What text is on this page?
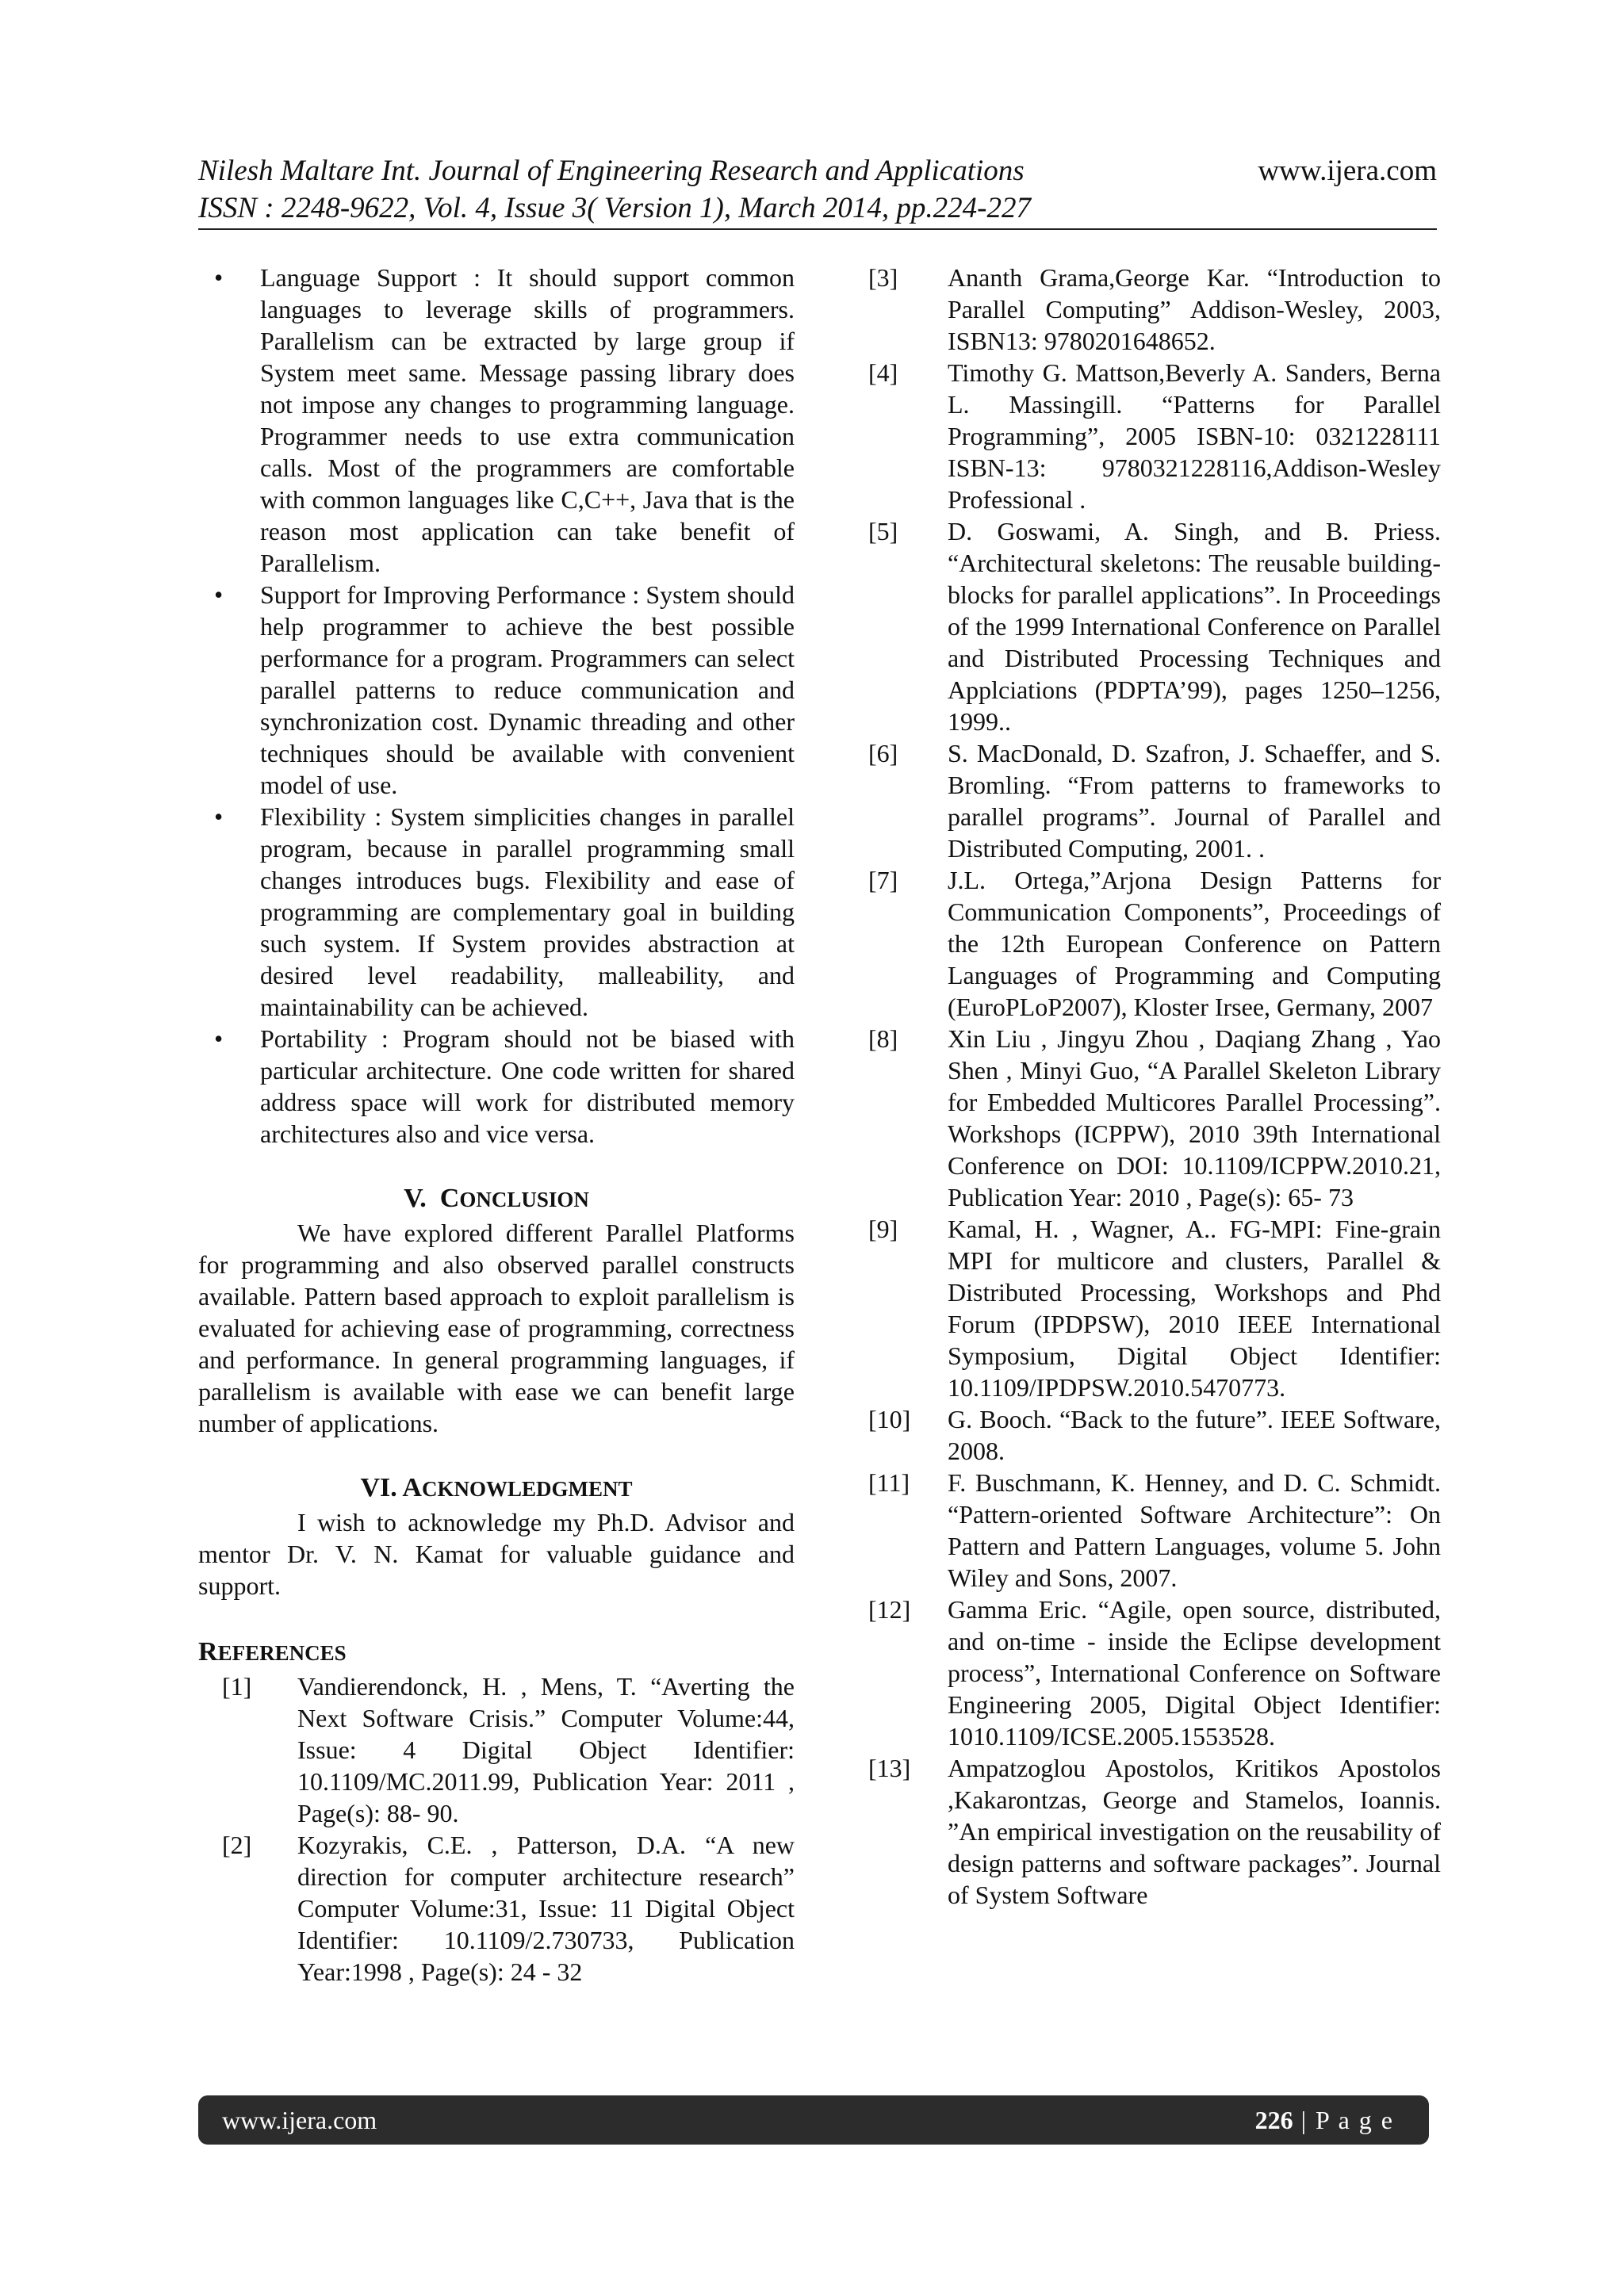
Nilesh Maltare Int. Journal of Engineering Research and Applications	www.ijera.com
ISSN : 2248-9622, Vol. 4, Issue 3( Version 1), March 2014, pp.224-227
• Language Support : It should support common languages to leverage skills of programmers. Parallelism can be extracted by large group if System meet same. Message passing library does not impose any changes to programming language. Programmer needs to use extra communication calls. Most of the programmers are comfortable with common languages like C,C++, Java that is the reason most application can take benefit of Parallelism.
• Support for Improving Performance : System should help programmer to achieve the best possible performance for a program. Programmers can select parallel patterns to reduce communication and synchronization cost. Dynamic threading and other techniques should be available with convenient model of use.
• Flexibility : System simplicities changes in parallel program, because in parallel programming small changes introduces bugs. Flexibility and ease of programming are complementary goal in building such system. If System provides abstraction at desired level readability, malleability, and maintainability can be achieved.
• Portability : Program should not be biased with particular architecture. One code written for shared address space will work for distributed memory architectures also and vice versa.
V. CONCLUSION

We have explored different Parallel Platforms for programming and also observed parallel constructs available. Pattern based approach to exploit parallelism is evaluated for achieving ease of programming, correctness and performance. In general programming languages, if parallelism is available with ease we can benefit large number of applications.

VI. ACKNOWLEDGMENT

I wish to acknowledge my Ph.D. Advisor and mentor Dr. V. N. Kamat for valuable guidance and support.

REFERENCES
[1] Vandierendonck, H. , Mens, T. “Averting the Next Software Crisis.” Computer Volume:44, Issue: 4 Digital Object Identifier: 10.1109/MC.2011.99, Publication Year: 2011 , Page(s): 88- 90.
[2] Kozyrakis, C.E. , Patterson, D.A. “A new direction for computer architecture research” Computer Volume:31, Issue: 11 Digital Object Identifier: 10.1109/2.730733, Publication Year:1998 , Page(s): 24 - 32
[3] Ananth Grama,George Kar. “Introduction to Parallel Computing” Addison-Wesley, 2003, ISBN13: 9780201648652.
[4] Timothy G. Mattson,Beverly A. Sanders, Berna L. Massingill. “Patterns for Parallel Programming”, 2005 ISBN-10: 0321228111 ISBN-13: 9780321228116,Addison-Wesley Professional .
[5] D. Goswami, A. Singh, and B. Priess. “Architectural skeletons: The reusable building-blocks for parallel applications”. In Proceedings of the 1999 International Conference on Parallel and Distributed Processing Techniques and Applciations (PDPTA’99), pages 1250–1256, 1999..
[6] S. MacDonald, D. Szafron, J. Schaeffer, and S. Bromling. “From patterns to frameworks to parallel programs”. Journal of Parallel and Distributed Computing, 2001. .
[7] J.L. Ortega,”Arjona Design Patterns for Communication Components”, Proceedings of the 12th European Conference on Pattern Languages of Programming and Computing (EuroPLoP2007), Kloster Irsee, Germany, 2007
[8] Xin Liu , Jingyu Zhou , Daqiang Zhang , Yao Shen , Minyi Guo, “A Parallel Skeleton Library for Embedded Multicores Parallel Processing”. Workshops (ICPPW), 2010 39th International Conference on DOI: 10.1109/ICPPW.2010.21, Publication Year: 2010 , Page(s): 65- 73
[9] Kamal, H. , Wagner, A.. FG-MPI: Fine-grain MPI for multicore and clusters, Parallel & Distributed Processing, Workshops and Phd Forum (IPDPSW), 2010 IEEE International Symposium, Digital Object Identifier: 10.1109/IPDPSW.2010.5470773.
[10] G. Booch. “Back to the future”. IEEE Software, 2008.
[11] F. Buschmann, K. Henney, and D. C. Schmidt. “Pattern-oriented Software Architecture”: On Pattern and Pattern Languages, volume 5. John Wiley and Sons, 2007.
[12] Gamma Eric. “Agile, open source, distributed, and on-time - inside the Eclipse development process”, International Conference on Software Engineering 2005, Digital Object Identifier: 1010.1109/ICSE.2005.1553528.
[13] Ampatzoglou Apostolos, Kritikos Apostolos ,Kakarontzas, George and Stamelos, Ioannis. ”An empirical investigation on the reusability of design patterns and software packages”. Journal of System Software
www.ijera.com	226 | P a g e
